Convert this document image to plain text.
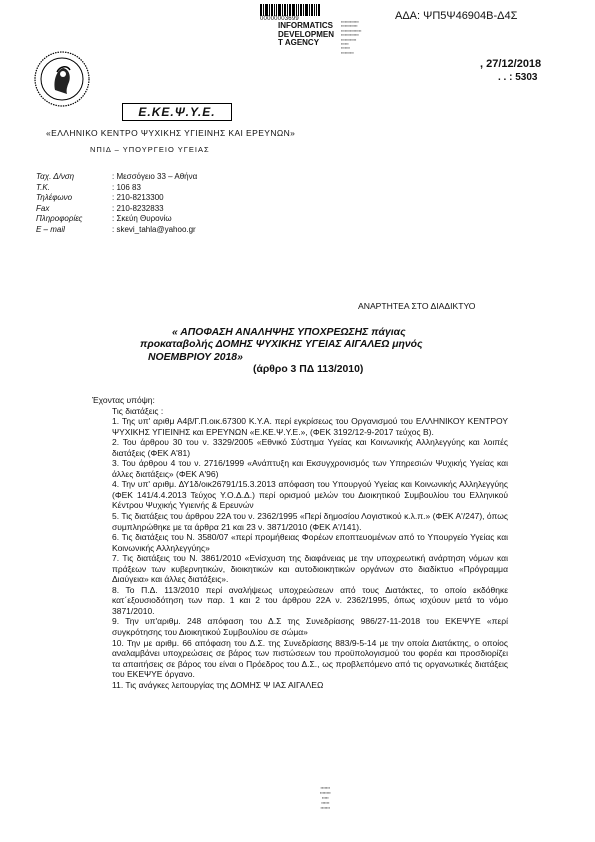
00000003699
INFORMATICS
DEVELOPMEN
T AGENCY
▪▪▪▪▪▪▪▪▪▪▪▪▪▪
▪▪▪▪▪▪▪▪▪▪▪▪▪
▪▪▪▪▪▪▪▪▪▪▪▪▪▪▪▪
▪▪▪▪▪▪▪▪▪▪▪▪▪▪
▪▪▪▪▪▪▪▪▪▪▪▪
▪▪▪▪▪▪
▪▪▪▪▪▪▪
▪▪▪▪▪▪▪▪▪▪
ΑΔΑ: ΨΠ5Ψ46904Β-Δ4Σ
, 27/12/2018
. . : 5303
Ε.ΚΕ.Ψ.Υ.Ε.
«ΕΛΛΗΝΙΚΟ ΚΕΝΤΡΟ ΨΥΧΙΚΗΣ ΥΓΙΕΙΝΗΣ ΚΑΙ ΕΡΕΥΝΩΝ»
ΝΠΙΔ – ΥΠΟΥΡΓΕΙΟ ΥΓΕΙΑΣ
Ταχ. Δ/νση	: Μεσσόγειο 33 – Αθήνα
Τ.Κ.	: 106 83
Τηλέφωνο	: 210-8213300
Fax	: 210-8232833
Πληροφορίες	: Σκεύη Θυρονίω
E – mail	: skevi_tahla@yahoo.gr
ΑΝΑΡΤΗΤΕΑ ΣΤΟ ΔΙΑΔΙΚΤΥΟ
« ΑΠΟΦΑΣΗ ΑΝΑΛΗΨΗΣ ΥΠΟΧΡΕΩΣΗΣ πάγιας
προκαταβολής ΔΟΜΗΣ ΨΥΧΙΚΗΣ ΥΓΕΙΑΣ ΑΙΓΑΛΕΩ μηνός
ΝΟΕΜΒΡΙΟΥ 2018»
(άρθρο 3 ΠΔ 113/2010)

Έχοντας υπόψη:

Τις διατάξεις :

1. Της υπ' αριθμ Α4β/Γ.Π.οικ.67300 Κ.Υ.Α. περί εγκρίσεως του Οργανισμού του ΕΛΛΗΝΙΚΟΥ ΚΕΝΤΡΟΥ ΨΥΧΙΚΗΣ ΥΓΙΕΙΝΗΣ και ΕΡΕΥΝΩΝ «Ε.ΚΕ.Ψ.Υ.Ε.», (ΦΕΚ 3192/12-9-2017 τεύχος Β).

2. Του άρθρου 30 του ν. 3329/2005 «Εθνικό Σύστημα Υγείας και Κοινωνικής Αλληλεγγύης και λοιπές διατάξεις (ΦΕΚ Α'81)

3. Του άρθρου 4 του ν. 2716/1999 «Ανάπτυξη και Εκσυγχρονισμός των Υπηρεσιών Ψυχικής Υγείας και άλλες διατάξεις» (ΦΕΚ Α'96)

4. Την υπ' αριθμ. ΔΥ1δ/οικ26791/15.3.2013 απόφαση του Υπουργού Υγείας και Κοινωνικής Αλληλεγγύης (ΦΕΚ 141/4.4.2013 Τεύχος Υ.Ο.Δ.Δ.) περί ορισμού μελών του Διοικητικού Συμβουλίου του Ελληνικού Κέντρου Ψυχικής Υγιεινής & Ερευνών

5. Τις διατάξεις του άρθρου 22Α του ν. 2362/1995 «Περί δημοσίου Λογιστικού κ.λ.π.» (ΦΕΚ Α'/247), όπως συμπληρώθηκε με τα άρθρα 21 και 23 ν. 3871/2010 (ΦΕΚ Α'/141).

6. Τις διατάξεις του Ν. 3580/07 «περί προμήθειας Φορέων εποπτευομένων από το Υπουργείο Υγείας και Κοινωνικής Αλληλεγγύης»

7. Τις διατάξεις του Ν. 3861/2010 «Ενίσχυση της διαφάνειας με την υποχρεωτική ανάρτηση νόμων και πράξεων των κυβερνητικών, διοικητικών και αυτοδιοικητικών οργάνων στο διαδίκτυο «Πρόγραμμα Διαύγεια» και άλλες διατάξεις».

8. Το Π.Δ. 113/2010 περί αναλήψεως υποχρεώσεων από τους Διατάκτες, το οποίο εκδόθηκε κατ΄εξουσιοδότηση των παρ. 1 και 2 του άρθρου 22Α ν. 2362/1995, όπως ισχύουν μετά το νόμο 3871/2010.

9. Την υπ'αριθμ. 248 απόφαση του Δ.Σ της Συνεδρίασης 986/27-11-2018 του ΕΚΕΨΥΕ «περί συγκρότησης του Διοικητικού Συμβουλίου σε σώμα»

10. Την με αριθμ. 66 απόφαση του Δ.Σ. της Συνεδρίασης 883/9-5-14 με την οποία Διατάκτης, ο οποίος αναλαμβάνει υποχρεώσεις σε βάρος των πιστώσεων του προϋπολογισμού του φορέα και προσδιορίζει τα απαιτήσεις σε βάρος του είναι ο Πρόεδρος του Δ.Σ., ως προβλεπόμενο από τις οργανωτικές διατάξεις του ΕΚΕΨΥΕ όργανο.

11. Τις ανάγκες λειτουργίας της ΔΟΜΗΣ Ψ ΙΑΣ ΑΙΓΑΛΕΩ

▪▪▪▪▪▪▪
▪▪▪▪▪▪▪▪
▪▪▪▪▪
▪▪▪▪▪▪
▪▪▪▪▪▪▪
